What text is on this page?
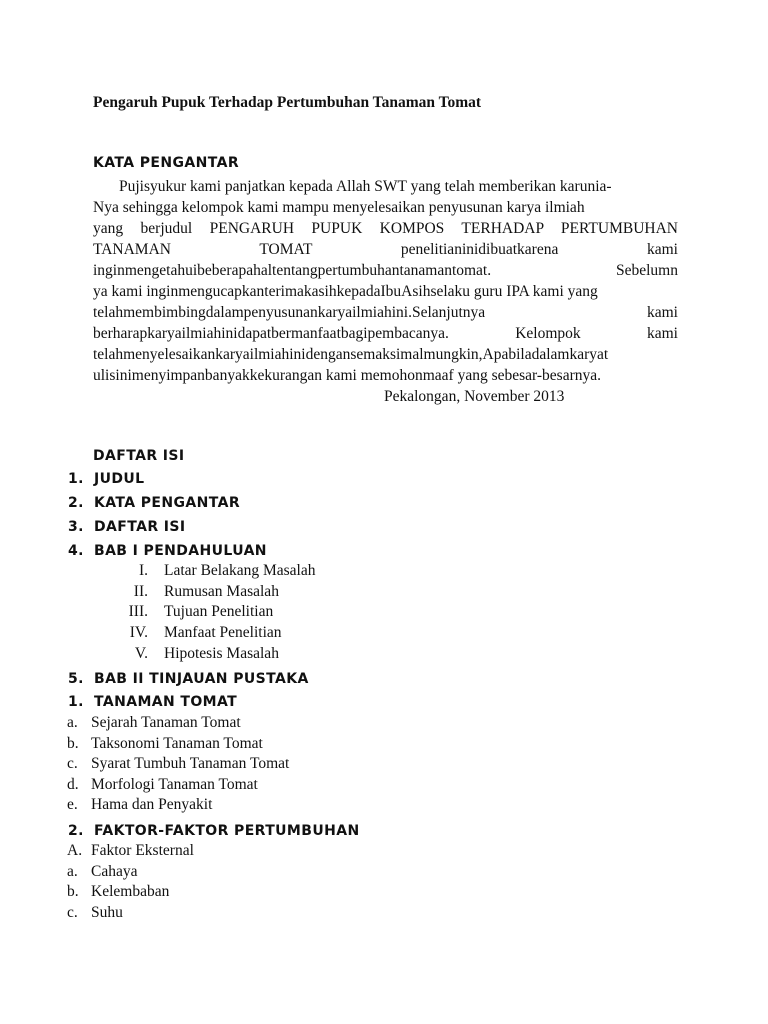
Pengaruh Pupuk Terhadap Pertumbuhan Tanaman Tomat
KATA PENGANTAR
Pujisyukur kami panjatkan kepada Allah SWT yang telah memberikan karunia-
Nya sehingga kelompok kami mampu menyelesaikan penyusunan karya ilmiah
yang berjudul PENGARUH PUPUK KOMPOS TERHADAP PERTUMBUHAN
TANAMAN TOMAT penelitianinidibuatkarena kami
inginmengetahuibeberapahaltentangpertumbuhantanamantomat. Sebelumn
ya kami inginmengucapkanterimakasihkepadaIbuAsihselaku guru IPA kami yang
telahmembimbingdalampenyusunankaryailmiahini.Selanjutnya kami
berharapkaryailmiahinidapatbermanfaatbagipembacanya. Kelompok kami
telahmenyelesaikankaryailmiahinidengansemaksimalmungkin,Apabiladalamkaryat
ulisinimenyimpanbanyakkekurangan kami memohonmaaf yang sebesar-besarnya.
Pekalongan, November 2013
DAFTAR ISI
1. JUDUL
2. KATA PENGANTAR
3. DAFTAR ISI
4. BAB I PENDAHULUAN
I. Latar Belakang Masalah
II. Rumusan Masalah
III. Tujuan Penelitian
IV. Manfaat Penelitian
V. Hipotesis Masalah
5. BAB II TINJAUAN PUSTAKA
1. TANAMAN TOMAT
a. Sejarah Tanaman Tomat
b. Taksonomi Tanaman Tomat
c. Syarat Tumbuh Tanaman Tomat
d. Morfologi Tanaman Tomat
e. Hama dan Penyakit
2. FAKTOR-FAKTOR PERTUMBUHAN
A. Faktor Eksternal
a. Cahaya
b. Kelembaban
c. Suhu
